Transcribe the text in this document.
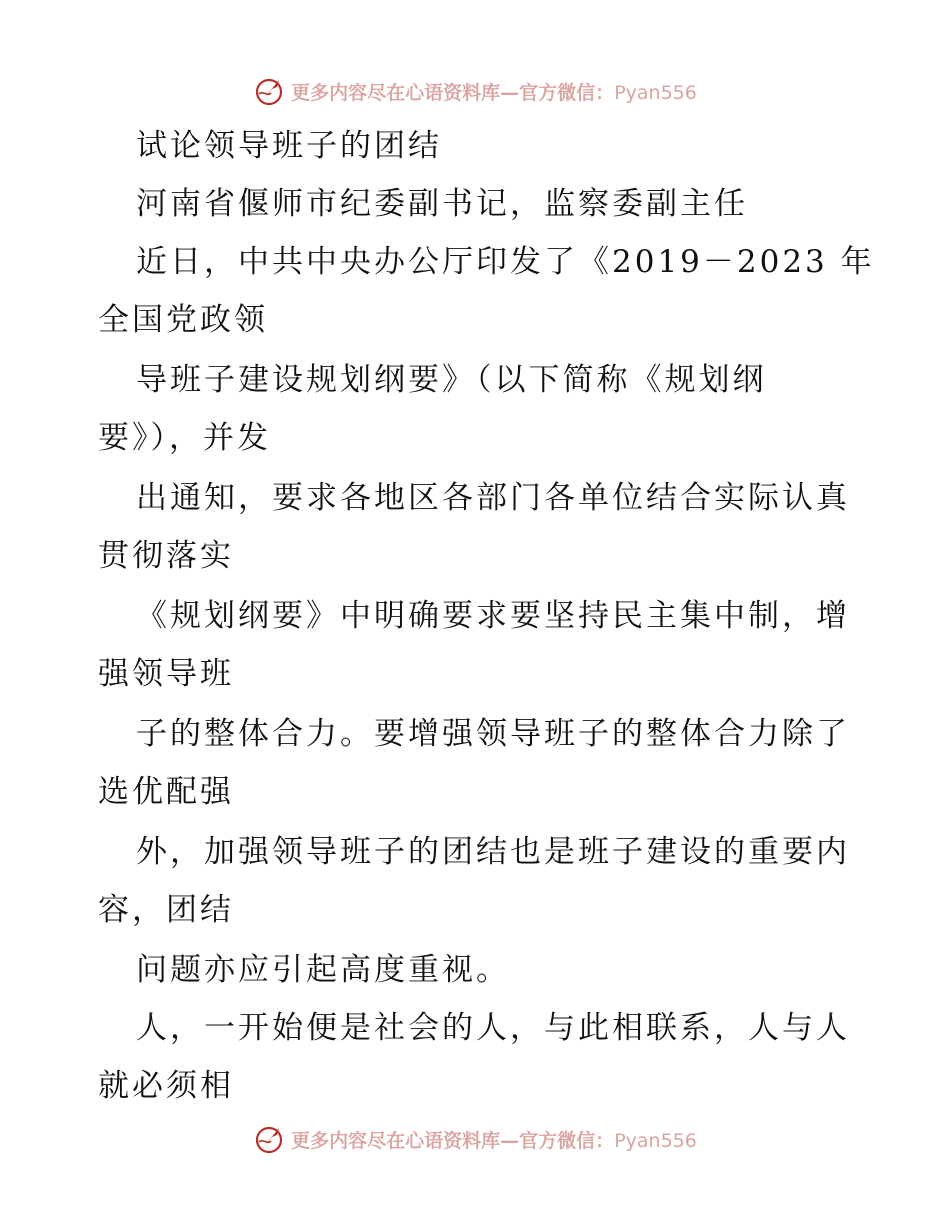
更多内容尽在心语资料库—官方微信：Pyan556
试论领导班子的团结
河南省偃师市纪委副书记，监察委副主任
近日，中共中央办公厅印发了《2019－2023 年
全国党政领
导班子建设规划纲要》（以下简称《规划纲
要》），并发
出通知，要求各地区各部门各单位结合实际认真
贯彻落实
《规划纲要》中明确要求要坚持民主集中制，增
强领导班
子的整体合力。要增强领导班子的整体合力除了
选优配强
外，加强领导班子的团结也是班子建设的重要内
容，团结
问题亦应引起高度重视。
人，一开始便是社会的人，与此相联系，人与人
就必须相
更多内容尽在心语资料库—官方微信：Pyan556
